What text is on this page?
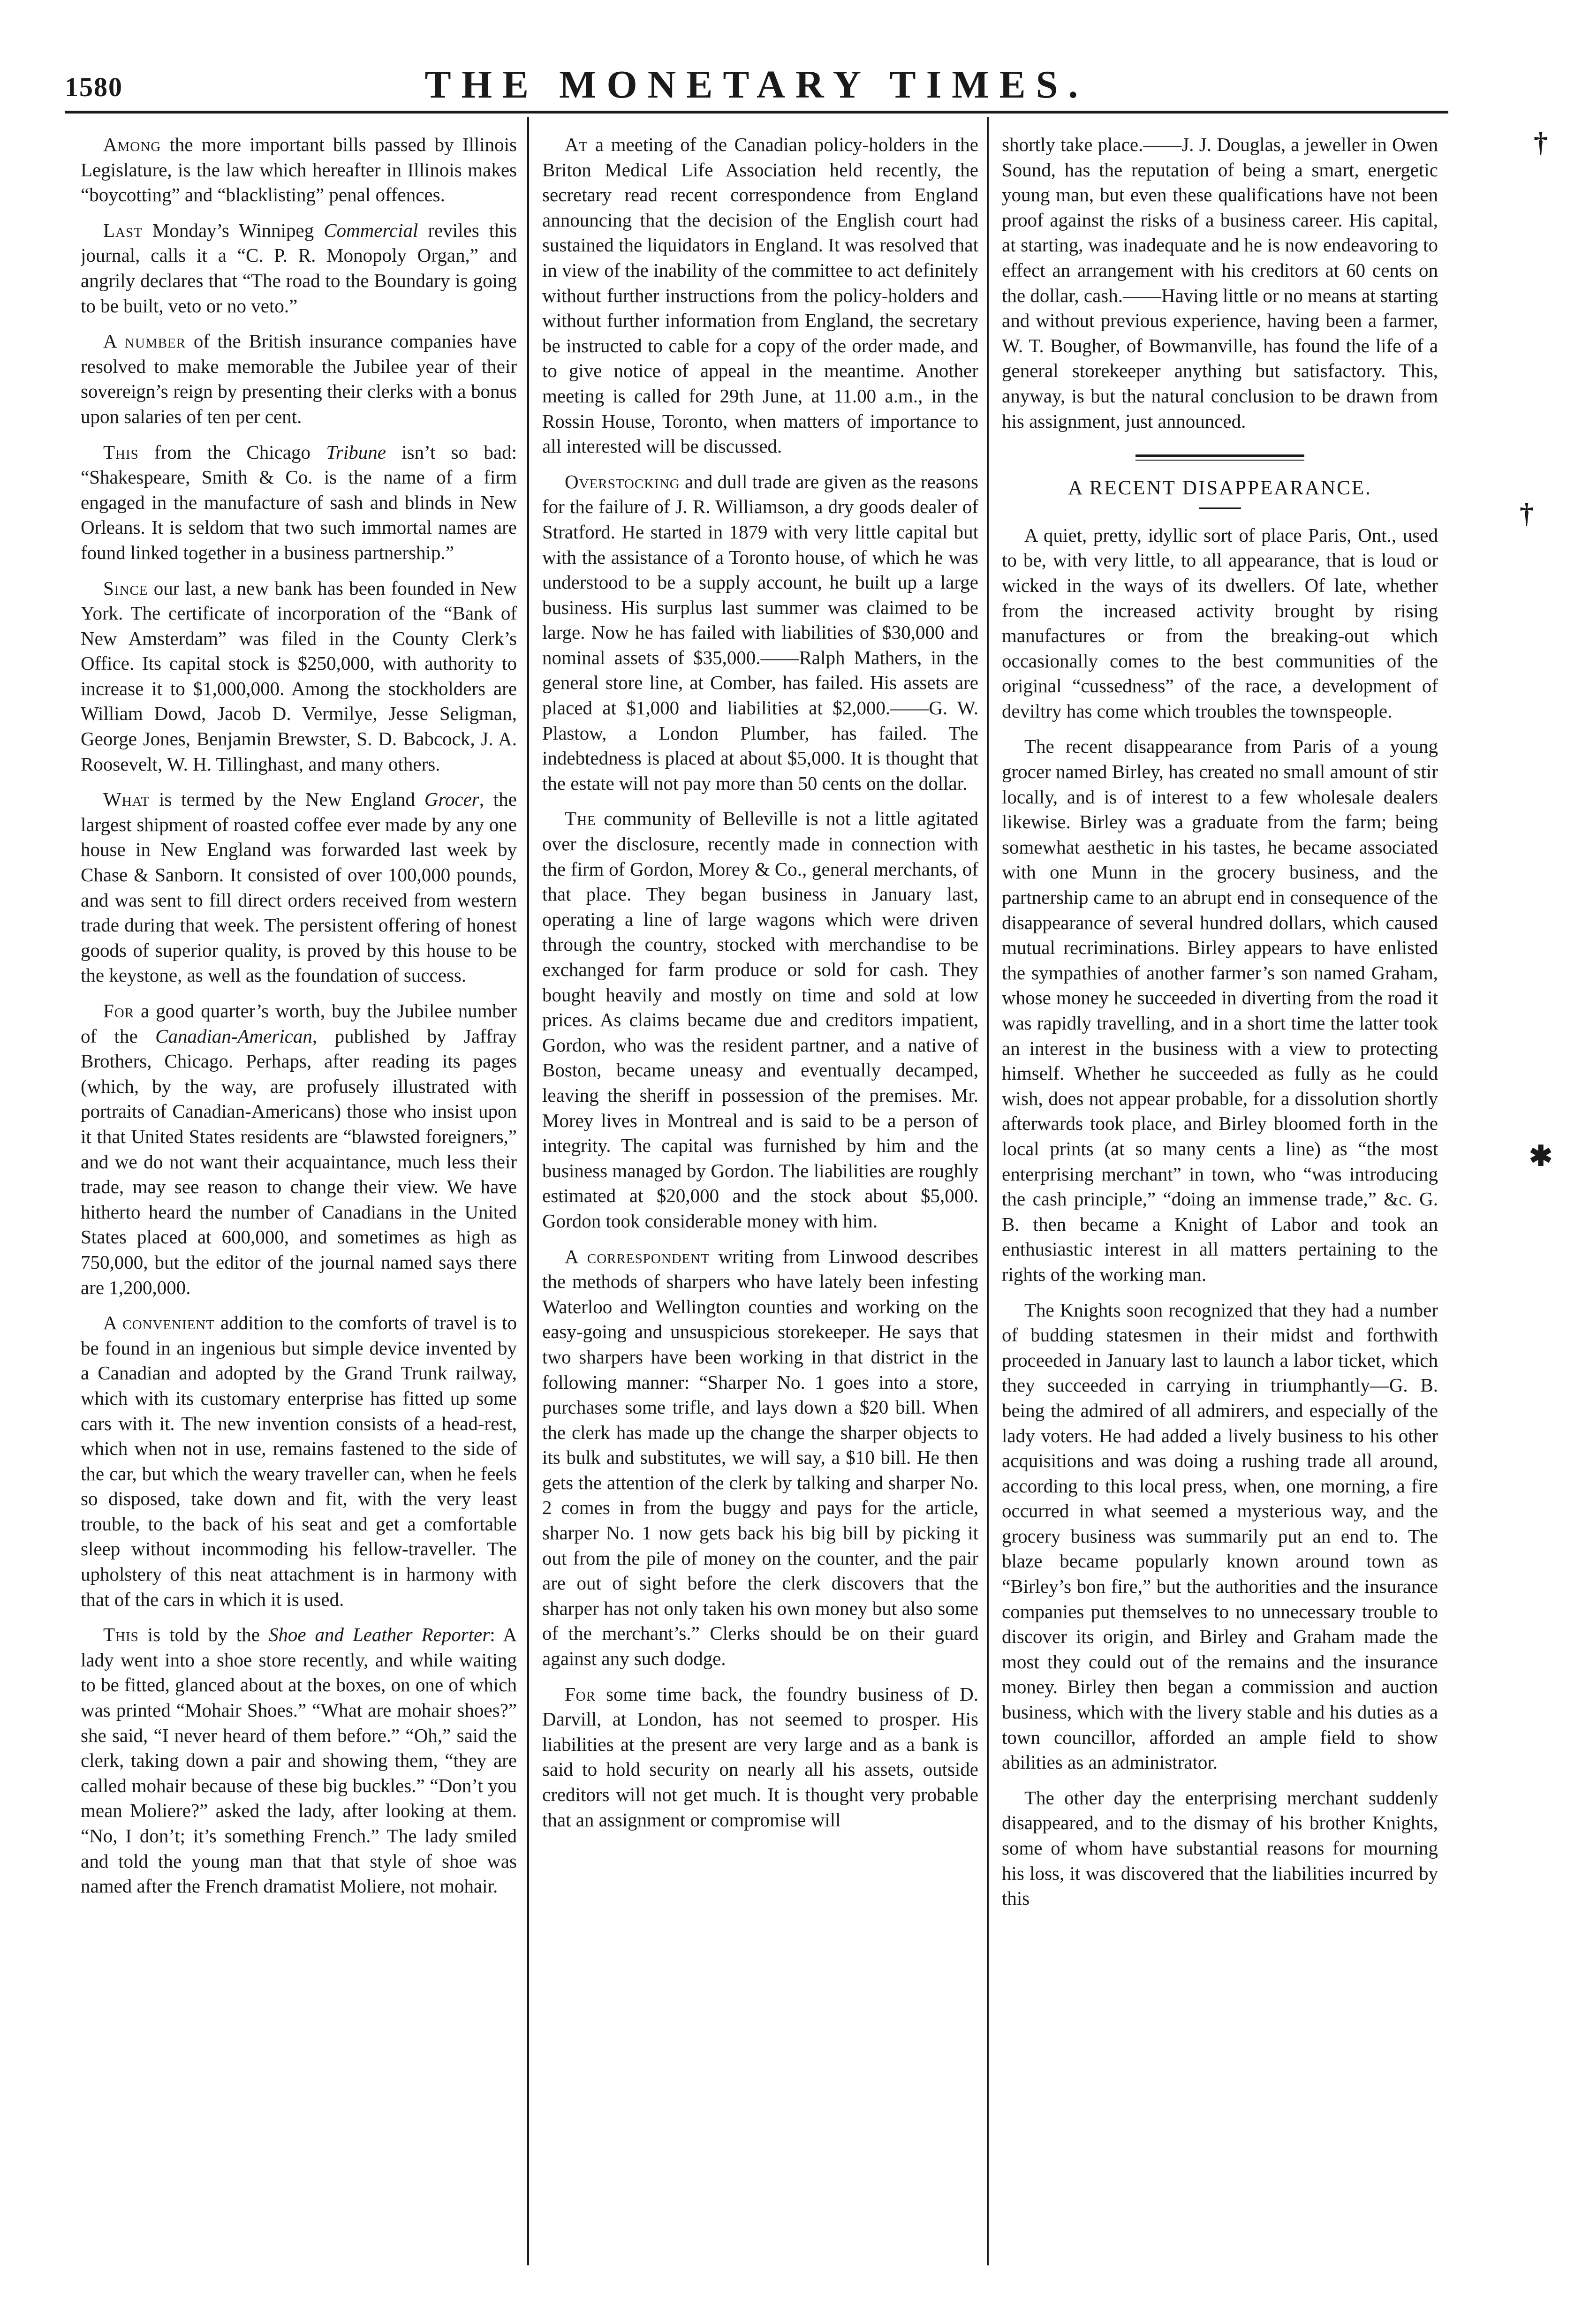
1580	THE MONETARY TIMES.

Among the more important bills passed by Illinois Legislature, is the law which hereafter in Illinois makes “boycotting” and “blacklisting” penal offences.

Last Monday’s Winnipeg Commercial reviles this journal, calls it a “C. P. R. Monopoly Organ,” and angrily declares that “The road to the Boundary is going to be built, veto or no veto.”

A number of the British insurance companies have resolved to make memorable the Jubilee year of their sovereign’s reign by presenting their clerks with a bonus upon salaries of ten per cent.

This from the Chicago Tribune isn’t so bad: “Shakespeare, Smith & Co. is the name of a firm engaged in the manufacture of sash and blinds in New Orleans. It is seldom that two such immortal names are found linked together in a business partnership.”

Since our last, a new bank has been founded in New York. The certificate of incorporation of the “Bank of New Amsterdam” was filed in the County Clerk’s Office. Its capital stock is $250,000, with authority to increase it to $1,000,000. Among the stockholders are William Dowd, Jacob D. Vermilye, Jesse Seligman, George Jones, Benjamin Brewster, S. D. Babcock, J. A. Roosevelt, W. H. Tillinghast, and many others.

What is termed by the New England Grocer, the largest shipment of roasted coffee ever made by any one house in New England was forwarded last week by Chase & Sanborn. It consisted of over 100,000 pounds, and was sent to fill direct orders received from western trade during that week. The persistent offering of honest goods of superior quality, is proved by this house to be the keystone, as well as the foundation of success.

For a good quarter’s worth, buy the Jubilee number of the Canadian-American, published by Jaffray Brothers, Chicago. Perhaps, after reading its pages (which, by the way, are profusely illustrated with portraits of Canadian-Americans) those who insist upon it that United States residents are “blawsted foreigners,” and we do not want their acquaintance, much less their trade, may see reason to change their view. We have hitherto heard the number of Canadians in the United States placed at 600,000, and sometimes as high as 750,000, but the editor of the journal named says there are 1,200,000.

A convenient addition to the comforts of travel is to be found in an ingenious but simple device invented by a Canadian and adopted by the Grand Trunk railway, which with its customary enterprise has fitted up some cars with it. The new invention consists of a head-rest, which when not in use, remains fastened to the side of the car, but which the weary traveller can, when he feels so disposed, take down and fit, with the very least trouble, to the back of his seat and get a comfortable sleep without incommoding his fellow-traveller. The upholstery of this neat attachment is in harmony with that of the cars in which it is used.

This is told by the Shoe and Leather Reporter: A lady went into a shoe store recently, and while waiting to be fitted, glanced about at the boxes, on one of which was printed “Mohair Shoes.” “What are mohair shoes?” she said, “I never heard of them before.” “Oh,” said the clerk, taking down a pair and showing them, “they are called mohair because of these big buckles.” “Don’t you mean Moliere?” asked the lady, after looking at them. “No, I don’t; it’s something French.” The lady smiled and told the young man that that style of shoe was named after the French dramatist Moliere, not mohair.

At a meeting of the Canadian policy-holders in the Briton Medical Life Association held recently, the secretary read recent correspondence from England announcing that the decision of the English court had sustained the liquidators in England. It was resolved that in view of the inability of the committee to act definitely without further instructions from the policy-holders and without further information from England, the secretary be instructed to cable for a copy of the order made, and to give notice of appeal in the meantime. Another meeting is called for 29th June, at 11.00 a.m., in the Rossin House, Toronto, when matters of importance to all interested will be discussed.

Overstocking and dull trade are given as the reasons for the failure of J. R. Williamson, a dry goods dealer of Stratford. He started in 1879 with very little capital but with the assistance of a Toronto house, of which he was understood to be a supply account, he built up a large business. His surplus last summer was claimed to be large. Now he has failed with liabilities of $30,000 and nominal assets of $35,000.——Ralph Mathers, in the general store line, at Comber, has failed. His assets are placed at $1,000 and liabilities at $2,000.——G. W. Plastow, a London Plumber, has failed. The indebtedness is placed at about $5,000. It is thought that the estate will not pay more than 50 cents on the dollar.

The community of Belleville is not a little agitated over the disclosure, recently made in connection with the firm of Gordon, Morey & Co., general merchants, of that place. They began business in January last, operating a line of large wagons which were driven through the country, stocked with merchandise to be exchanged for farm produce or sold for cash. They bought heavily and mostly on time and sold at low prices. As claims became due and creditors impatient, Gordon, who was the resident partner, and a native of Boston, became uneasy and eventually decamped, leaving the sheriff in possession of the premises. Mr. Morey lives in Montreal and is said to be a person of integrity. The capital was furnished by him and the business managed by Gordon. The liabilities are roughly estimated at $20,000 and the stock about $5,000. Gordon took considerable money with him.

A correspondent writing from Linwood describes the methods of sharpers who have lately been infesting Waterloo and Wellington counties and working on the easy-going and unsuspicious storekeeper. He says that two sharpers have been working in that district in the following manner: “Sharper No. 1 goes into a store, purchases some trifle, and lays down a $20 bill. When the clerk has made up the change the sharper objects to its bulk and substitutes, we will say, a $10 bill. He then gets the attention of the clerk by talking and sharper No. 2 comes in from the buggy and pays for the article, sharper No. 1 now gets back his big bill by picking it out from the pile of money on the counter, and the pair are out of sight before the clerk discovers that the sharper has not only taken his own money but also some of the merchant’s.” Clerks should be on their guard against any such dodge.

For some time back, the foundry business of D. Darvill, at London, has not seemed to prosper. His liabilities at the present are very large and as a bank is said to hold security on nearly all his assets, outside creditors will not get much. It is thought very probable that an assignment or compromise will

shortly take place.——J. J. Douglas, a jeweller in Owen Sound, has the reputation of being a smart, energetic young man, but even these qualifications have not been proof against the risks of a business career. His capital, at starting, was inadequate and he is now endeavoring to effect an arrangement with his creditors at 60 cents on the dollar, cash.——Having little or no means at starting and without previous experience, having been a farmer, W. T. Bougher, of Bowmanville, has found the life of a general storekeeper anything but satisfactory. This, anyway, is but the natural conclusion to be drawn from his assignment, just announced.

A RECENT DISAPPEARANCE.

A quiet, pretty, idyllic sort of place Paris, Ont., used to be, with very little, to all appearance, that is loud or wicked in the ways of its dwellers. Of late, whether from the increased activity brought by rising manufactures or from the breaking-out which occasionally comes to the best communities of the original “cussedness” of the race, a development of deviltry has come which troubles the townspeople.

The recent disappearance from Paris of a young grocer named Birley, has created no small amount of stir locally, and is of interest to a few wholesale dealers likewise. Birley was a graduate from the farm; being somewhat aesthetic in his tastes, he became associated with one Munn in the grocery business, and the partnership came to an abrupt end in consequence of the disappearance of several hundred dollars, which caused mutual recriminations. Birley appears to have enlisted the sympathies of another farmer’s son named Graham, whose money he succeeded in diverting from the road it was rapidly travelling, and in a short time the latter took an interest in the business with a view to protecting himself. Whether he succeeded as fully as he could wish, does not appear probable, for a dissolution shortly afterwards took place, and Birley bloomed forth in the local prints (at so many cents a line) as “the most enterprising merchant” in town, who “was introducing the cash principle,” “doing an immense trade,” &c. G. B. then became a Knight of Labor and took an enthusiastic interest in all matters pertaining to the rights of the working man.

The Knights soon recognized that they had a number of budding statesmen in their midst and forthwith proceeded in January last to launch a labor ticket, which they succeeded in carrying in triumphantly—G. B. being the admired of all admirers, and especially of the lady voters. He had added a lively business to his other acquisitions and was doing a rushing trade all around, according to this local press, when, one morning, a fire occurred in what seemed a mysterious way, and the grocery business was summarily put an end to. The blaze became popularly known around town as “Birley’s bon fire,” but the authorities and the insurance companies put themselves to no unnecessary trouble to discover its origin, and Birley and Graham made the most they could out of the remains and the insurance money. Birley then began a commission and auction business, which with the livery stable and his duties as a town councillor, afforded an ample field to show abilities as an administrator.

The other day the enterprising merchant suddenly disappeared, and to the dismay of his brother Knights, some of whom have substantial reasons for mourning his loss, it was discovered that the liabilities incurred by this

†
†
✱
